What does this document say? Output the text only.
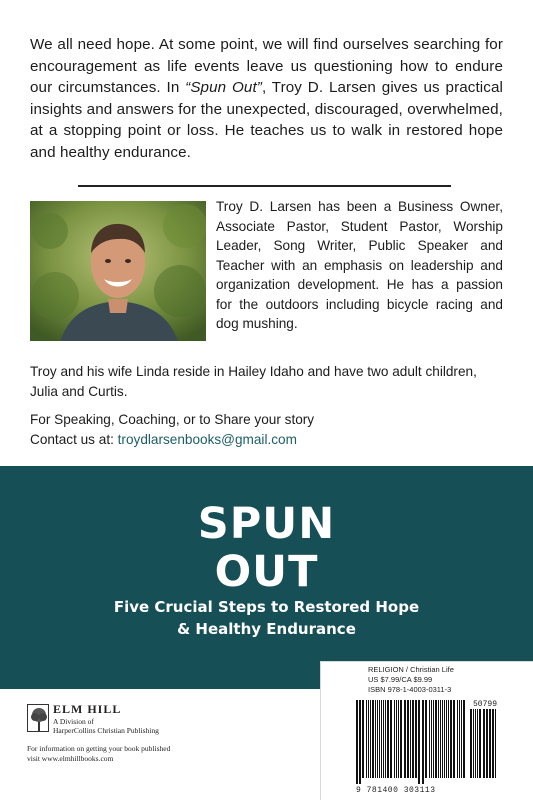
We all need hope. At some point, we will find ourselves searching for encouragement as life events leave us questioning how to endure our circumstances. In “Spun Out”, Troy D. Larsen gives us practical insights and answers for the unexpected, discouraged, overwhelmed, at a stopping point or loss. He teaches us to walk in restored hope and healthy endurance.

Troy D. Larsen has been a Business Owner, Associate Pastor, Student Pastor, Worship Leader, Song Writer, Public Speaker and Teacher with an emphasis on leadership and organization development. He has a passion for the outdoors including bicycle racing and dog mushing.

Troy and his wife Linda reside in Hailey Idaho and have two adult children, Julia and Curtis.

For Speaking, Coaching, or to Share your story
Contact us at: troydlarsenbooks@gmail.com
SPUN
OUT
Five Crucial Steps to Restored Hope
& Healthy Endurance
ELM HILL
A Division of
HarperCollins Christian Publishing
For information on getting your book published
visit www.elmhillbooks.com
RELIGION / Christian Life
US $7.99/CA $9.99
ISBN 978-1-4003-0311-3
50799
9 781400 303113
